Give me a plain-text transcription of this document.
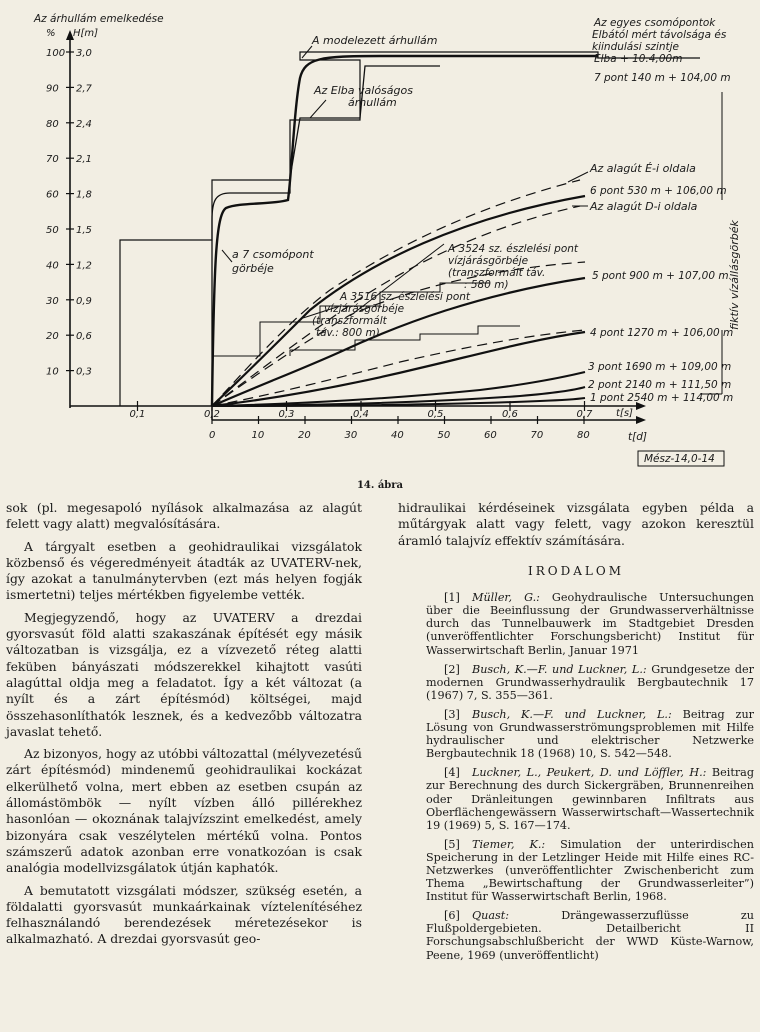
Az árhullám emelkedése
% H[m]
100 3,0
90 2,7
80 2,4
70 2,1
60 1,8
50 1,5
40 1,2
30 0,9
20 0,6
10 0,3
0,1	0,2	0,3	0,4	0,5	0,6	0,7
0	10	20	30	40	50	60	70	80
t[s]
t[d]
A modelezett árhullám
Az Elba valóságos
árhullám
a 7 csomópont
görbéje
Az egyes csomópontok
Elbától mért távolsága és
kiindulási szintje
Elba + 10.4,00m
Az alagút É-i oldala
Az alagút D-i oldala
A 3524 sz. észlelési pont
vízjárásgörbéje
(transzformált táv.
: 580 m)
A 3516 sz. észlelési pont
vízjárásgörbéje
(transzformált
táv.: 800 m)
fiktív vízállásgörbék
7 pont 140 m + 104,00 m
6 pont 530 m + 106,00 m
5 pont 900 m + 107,00 m
4 pont 1270 m + 106,00 m
3 pont 1690 m + 109,00 m
2 pont 2140 m + 111,50 m
1 pont 2540 m + 114,00 m
Mész-14,0-14
14. ábra

sok (pl. megesapoló nyílások alkalmazása az alagút felett vagy alatt) megvalósítására.

A tárgyalt esetben a geohidraulikai vizsgálatok közbenső és végeredményeit átadták az UVATERV-nek, így azokat a tanulmánytervben (ezt más helyen fogják ismertetni) teljes mértékben figyelembe vették.

Megjegyzendő, hogy az UVATERV a drezdai gyorsvasút föld alatti szakaszának építését egy másik változatban is vizsgálja, ez a vízvezető réteg alatti feküben bányászati módszerekkel kihajtott vasúti alagúttal oldja meg a feladatot. Így a két változat (a nyílt és a zárt építésmód) költségei, majd összehasonlíthatók lesznek, és a kedvezőbb változatra javaslat tehető.

Az bizonyos, hogy az utóbbi változattal (mélyvezetésű zárt építésmód) mindenemű geohidraulikai kockázat elkerülhető volna, mert ebben az esetben csupán az állomástömbök — nyílt vízben álló pillérekhez hasonlóan — okoznának talajvízszint emelkedést, amely bizonyára csak veszélytelen mértékű volna. Pontos számszerű adatok azonban erre vonatkozóan is csak analógia modellvizsgálatok útján kaphatók.

A bemutatott vizsgálati módszer, szükség esetén, a földalatti gyorsvasút munkaárkainak víztelenítéséhez felhasználandó berendezések méretezésekor is alkalmazható. A drezdai gyorsvasút geo-

hidraulikai kérdéseinek vizsgálata egyben példa a műtárgyak alatt vagy felett, vagy azokon keresztül áramló talajvíz effektív számítására.

IRODALOM

[1] Müller, G.: Geohydraulische Untersuchungen über die Beeinflussung der Grundwasserverhältnisse durch das Tunnelbauwerk im Stadtgebiet Dresden (unveröffentlichter Forschungsbericht) Institut für Wasserwirtschaft Berlin, Januar 1971

[2] Busch, K.—F. und Luckner, L.: Grundgesetze der modernen Grundwasserhydraulik Bergbautechnik 17 (1967) 7, S. 355—361.

[3] Busch, K.—F. und Luckner, L.: Beitrag zur Lösung von Grundwasserströmungsproblemen mit Hilfe hydraulischer und elektrischer Netzwerke Bergbautechnik 18 (1968) 10, S. 542—548.

[4] Luckner, L., Peukert, D. und Löffler, H.: Beitrag zur Berechnung des durch Sickergräben, Brunnenreihen oder Dränleitungen gewinnbaren Infiltrats aus Oberflächengewässern Wasserwirtschaft—Wassertechnik 19 (1969) 5, S. 167—174.

[5] Tiemer, K.: Simulation der unterirdischen Speicherung in der Letzlinger Heide mit Hilfe eines RC-Netzwerkes (unveröffentlichter Zwischenbericht zum Thema „Bewirtschaftung der Grundwasserleiter”) Institut für Wasserwirtschaft Berlin, 1968.

[6] Quast: Drängewasserzuflüsse zu Flußpoldergebieten. Detailbericht II Forschungsabschlußbericht der WWD Küste-Warnow, Peene, 1969 (unveröffentlicht)
